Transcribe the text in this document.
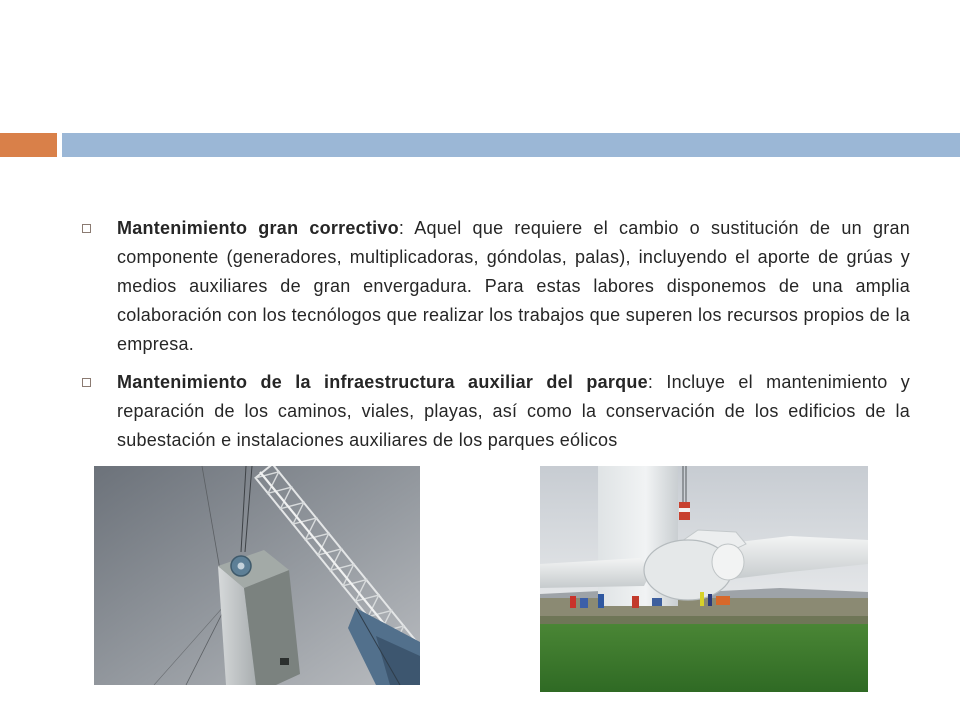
Mantenimiento gran correctivo: Aquel que requiere el cambio o sustitución de un gran componente (generadores, multiplicadoras, góndolas, palas), incluyendo el aporte de grúas y medios auxiliares de gran envergadura. Para estas labores disponemos de una amplia colaboración con los tecnólogos que realizar los trabajos que superen los recursos propios de la empresa.
Mantenimiento de la infraestructura auxiliar del parque: Incluye el mantenimiento y reparación de los caminos, viales, playas, así como la conservación de los edificios de la subestación e instalaciones auxiliares de los parques eólicos
